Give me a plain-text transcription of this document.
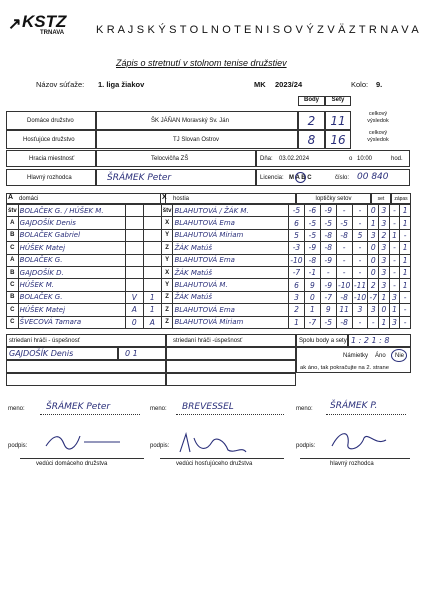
↗ KSTZ
TRNAVA	K R A J S K Ý S T O L N O T E N I S O V Ý Z V Ä Z T R N A V A
Zápis o stretnutí v stolnom tenise družstiev
Názov súťaže: 1. liga žiakov	MK 2023/24	Kolo: 9.
Body	Sety
Domáce družstvo	ŠK JÁŇAN Moravský Sv. Ján	2	11	celkový výsledok
Hosťujúce družstvo	TJ Slovan Ostrov	8	16	celkový výsledok
Hracia miestnosť	Telocvičňa ZŠ	Dňa: 03.02.2024	o 10:00	hod.
Hlavný rozhodca	ŠRÁMEK Peter	Licencia: M A B C	číslo: 00 840
A domáci	X hostia	loptičky setov	set	zápas
štv	BOLAČEK G. / HÚŠEK M.			štv	BLAHUTOVÁ / ŽÁK M.	-5	-6	-9	-	-	0	3	-	1
A	GAJDOŠÍK Denis			X	BLAHUTOVÁ Ema	6	-5	-5	-5	-	1	3	-	1
B	BOLAČEK Gabriel			Y	BLAHUTOVÁ Miriam	5	-5	-8	-8	5	3	2	1	-
C	HÚŠEK Matej			Z	ŽÁK Matúš	-3	-9	-8	-	-	0	3	-	1
A	BOLAČEK G.			Y	BLAHUTOVÁ Ema	-10	-8	-9	-	-	0	3	-	1
B	GAJDOŠÍK D.			X	ŽÁK Matúš	-7	-1	-	-	-	0	3	-	1
C	HÚŠEK M.			Y	BLAHUTOVÁ M.	6	9	-9	-10	-11	2	3	-	1
B	BOLAČEK G.	V	1	Z	ŽÁK Matúš	3	0	-7	-8	-10	-7	1	3	-
C	HÚŠEK Matej	A	1	Z	BLAHUTOVÁ Ema	2	1	9	11	3	3	0	1	-
C	ŠVECOVÁ Tamara	0	A	Z	BLAHUTOVÁ Miriam	1	-7	-5	-8	-	-	1	3	-
striedaní hráči - úspešnosť	striedaní hráči -úspešnosť	Spolu body a sety 1 : 2 1 : 8
GAJDOŠÍK Denis	0 1	Námietky Áno Nie
ak áno, tak pokračujte na 2. strane
meno: ŠRÁMEK Peter	meno: BREVESSEL	meno: ŠRÁMEK P.
podpis:	podpis:	podpis:
vedúci domáceho družstva	vedúci hosťujúceho družstva	hlavný rozhodca
